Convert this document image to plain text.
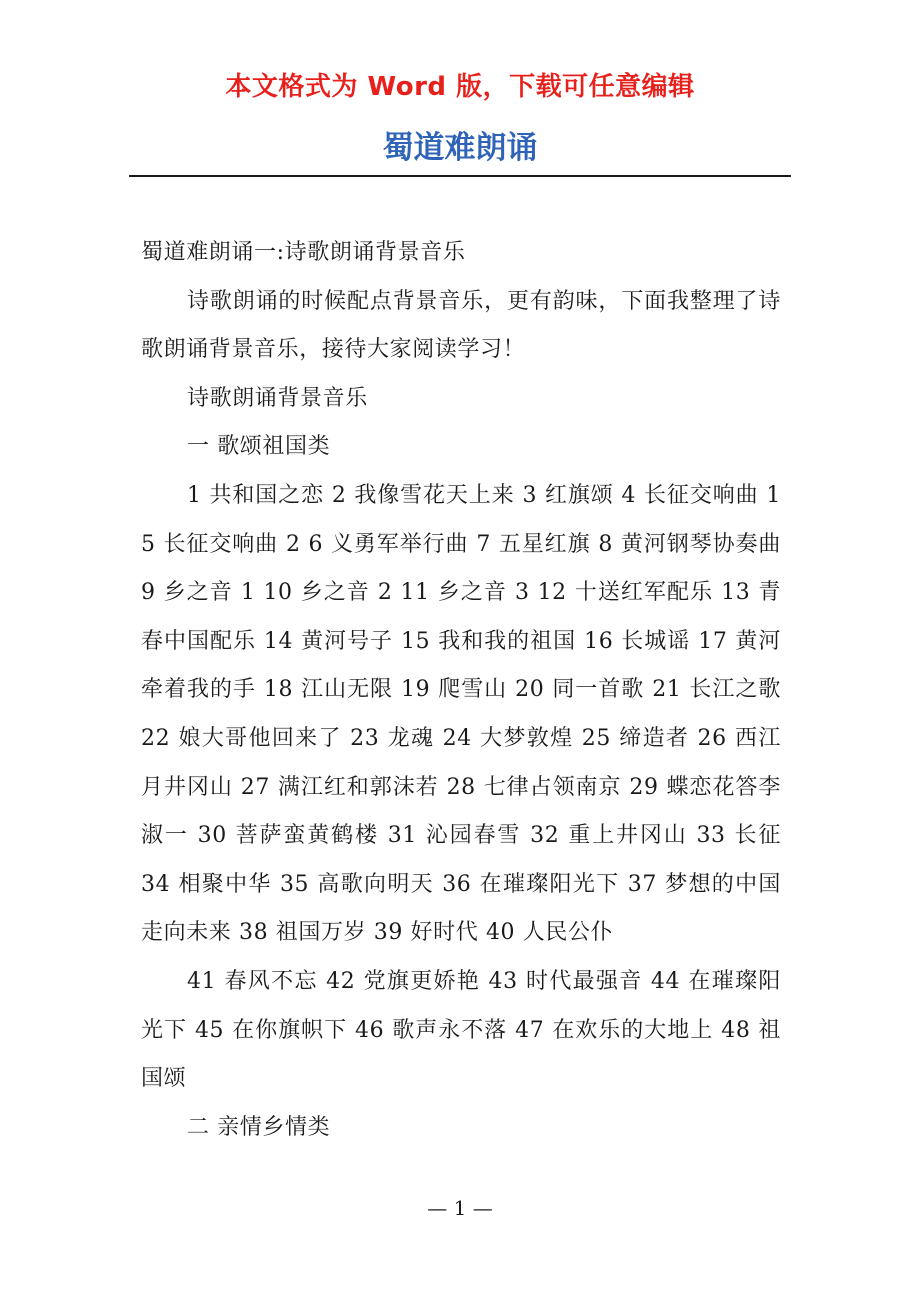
本文格式为 Word 版，下载可任意编辑
蜀道难朗诵

蜀道难朗诵一:诗歌朗诵背景音乐

诗歌朗诵的时候配点背景音乐，更有韵味，下面我整理了诗歌朗诵背景音乐，接待大家阅读学习！

诗歌朗诵背景音乐

一 歌颂祖国类

1 共和国之恋 2 我像雪花天上来 3 红旗颂 4 长征交响曲 1 5 长征交响曲 2 6 义勇军举行曲 7 五星红旗 8 黄河钢琴协奏曲 9 乡之音 1 10 乡之音 2 11 乡之音 3 12 十送红军配乐 13 青春中国配乐 14 黄河号子 15 我和我的祖国 16 长城谣 17 黄河牵着我的手 18 江山无限 19 爬雪山 20 同一首歌 21 长江之歌 22 娘大哥他回来了 23 龙魂 24 大梦敦煌 25 缔造者 26 西江月井冈山 27 满江红和郭沫若 28 七律占领南京 29 蝶恋花答李淑一 30 菩萨蛮黄鹤楼 31 沁园春雪 32 重上井冈山 33 长征 34 相聚中华 35 高歌向明天 36 在璀璨阳光下 37 梦想的中国走向未来 38 祖国万岁 39 好时代 40 人民公仆

41 春风不忘 42 党旗更娇艳 43 时代最强音 44 在璀璨阳光下 45 在你旗帜下 46 歌声永不落 47 在欢乐的大地上 48 祖国颂

二 亲情乡情类

— 1 —
